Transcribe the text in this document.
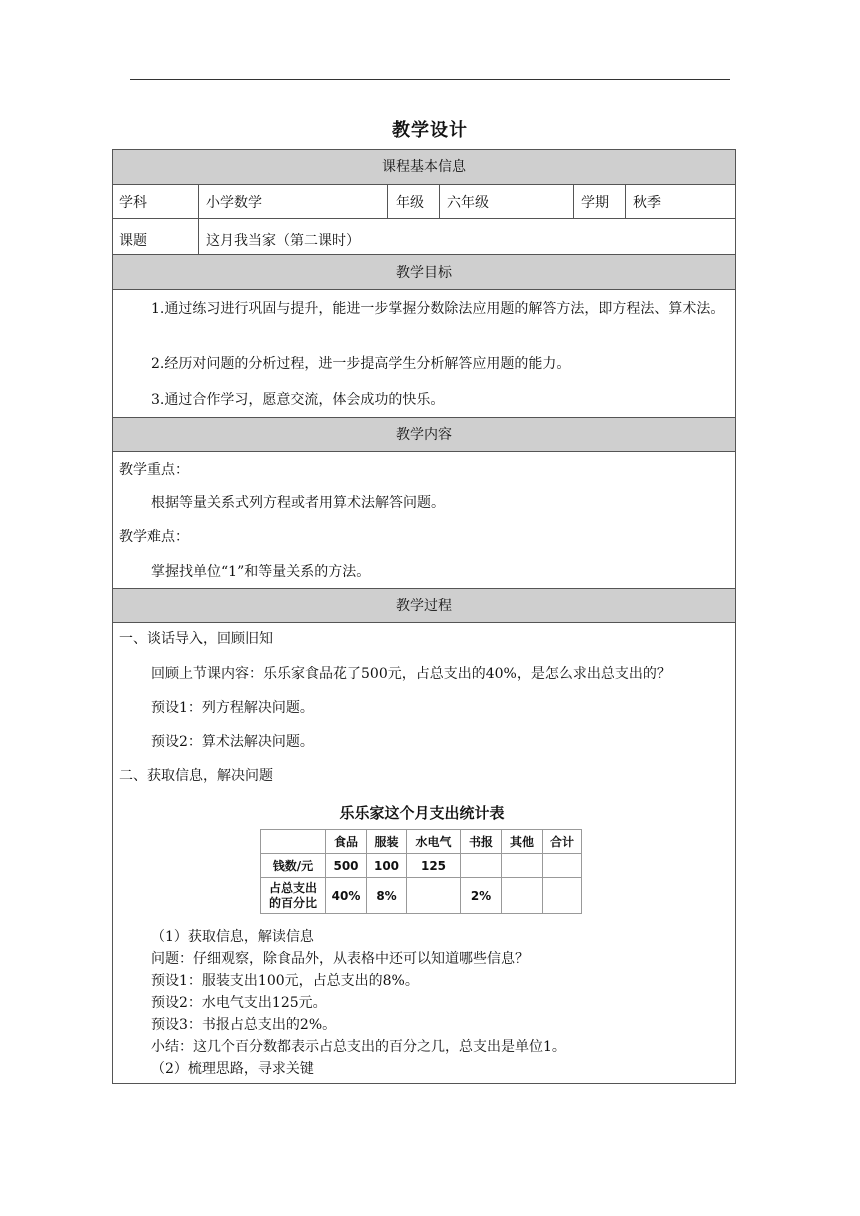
教学设计
课程基本信息
学科	小学数学	年级 六年级	学期 秋季
课题	这月我当家（第二课时）
教学目标
1.通过练习进行巩固与提升，能进一步掌握分数除法应用题的解答方法，即方程法、算术法。
2.经历对问题的分析过程，进一步提高学生分析解答应用题的能力。
3.通过合作学习，愿意交流，体会成功的快乐。
教学内容
教学重点：
根据等量关系式列方程或者用算术法解答问题。
教学难点：
掌握找单位“1”和等量关系的方法。
教学过程
一、谈话导入，回顾旧知
回顾上节课内容：乐乐家食品花了500元，占总支出的40%，是怎么求出总支出的？
预设1：列方程解决问题。
预设2：算术法解决问题。
二、获取信息，解决问题
乐乐家这个月支出统计表
	食品	服装	水电气	书报	其他	合计
钱数/元	500	100	125			
占总支出的百分比	40%	8%		2%		
（1）获取信息，解读信息
问题：仔细观察，除食品外，从表格中还可以知道哪些信息？
预设1：服装支出100元，占总支出的8%。
预设2：水电气支出125元。
预设3：书报占总支出的2%。
小结：这几个百分数都表示占总支出的百分之几，总支出是单位1。
（2）梳理思路，寻求关键
